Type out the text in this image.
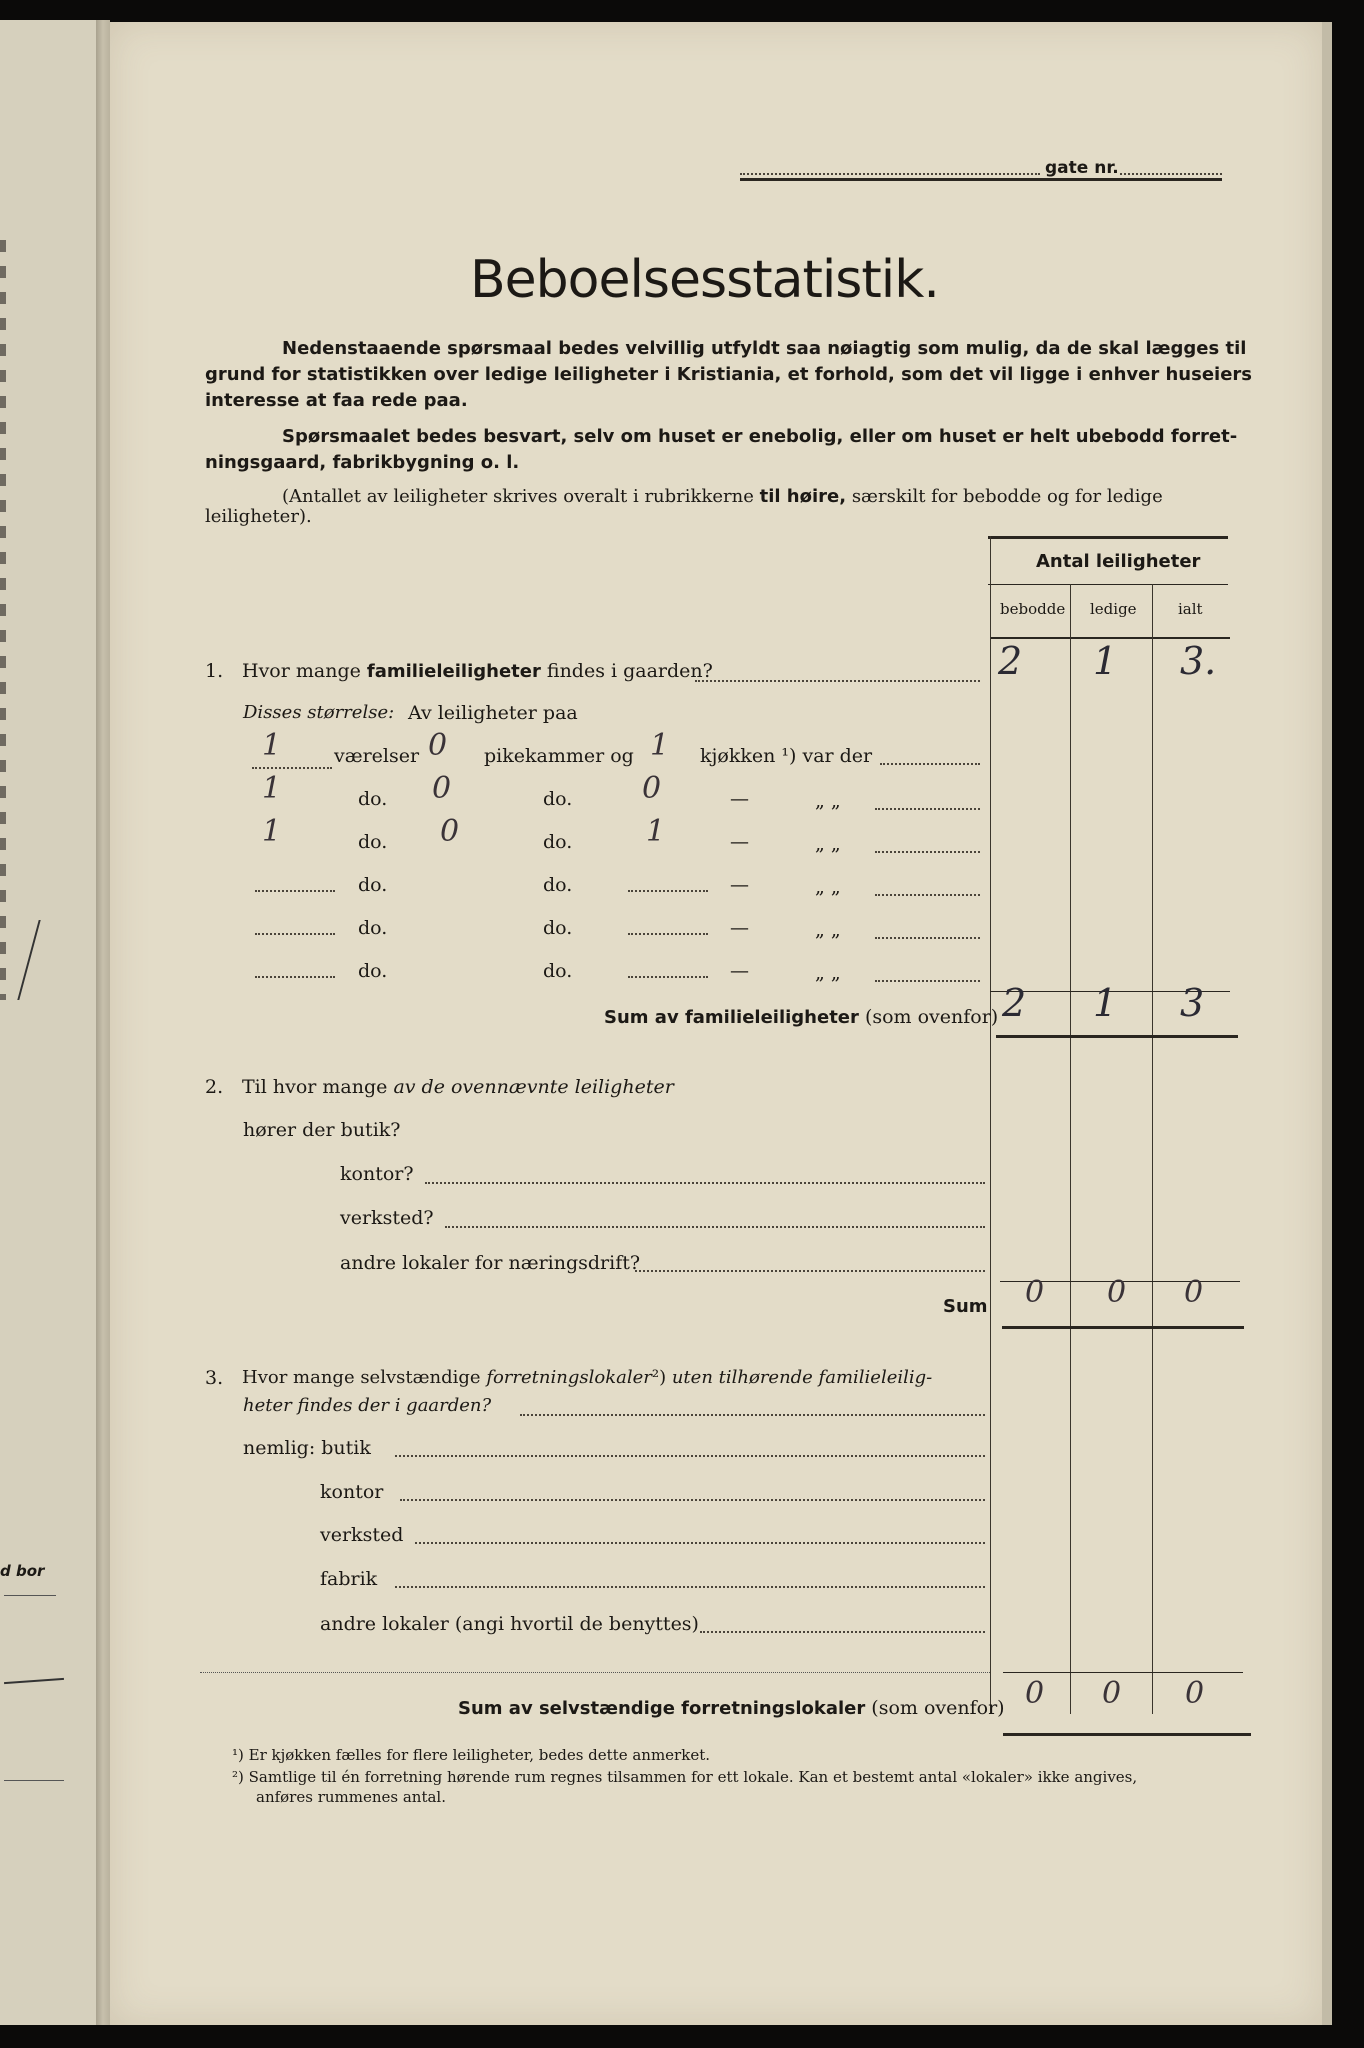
d bor
gate nr.
Beboelsesstatistik.
Nedenstaaende spørsmaal bedes velvillig utfyldt saa nøiagtig som mulig, da de skal lægges til
grund for statistikken over ledige leiligheter i Kristiania, et forhold, som det vil ligge i enhver huseiers
interesse at faa rede paa.
Spørsmaalet bedes besvart, selv om huset er enebolig, eller om huset er helt ubebodd forret-
ningsgaard, fabrikbygning o. l.
(Antallet av leiligheter skrives overalt i rubrikkerne til høire, særskilt for bebodde og for ledige
leiligheter).
Antal leiligheter
bebodde ledige	ialt
1. Hvor mange familieleiligheter findes i gaarden?	2 1 3.
Disses størrelse: Av leiligheter paa
1	værelser 0 pikekammer og 1 kjøkken ¹) var der
1	do. 0	do. 0	—	„ „
1	do. 0	do. 1	—	„ „
do.	do.	—	„ „
do.	do.	—	„ „
do.	do.	—	„ „
Sum av familieleiligheter (som ovenfor) 2 1 3
2. Til hvor mange av de ovennævnte leiligheter
hører der butik?
kontor?
verksted?
andre lokaler for næringsdrift?
Sum 0 0 0
3. Hvor mange selvstændige forretningslokaler²) uten tilhørende familieleilig-
heter findes der i gaarden?
nemlig: butik
kontor
verksted
fabrik
andre lokaler (angi hvortil de benyttes)
Sum av selvstændige forretningslokaler (som ovenfor) 0 0 0
¹) Er kjøkken fælles for flere leiligheter, bedes dette anmerket.
²) Samtlige til én forretning hørende rum regnes tilsammen for ett lokale. Kan et bestemt antal «lokaler» ikke angives,
anføres rummenes antal.
